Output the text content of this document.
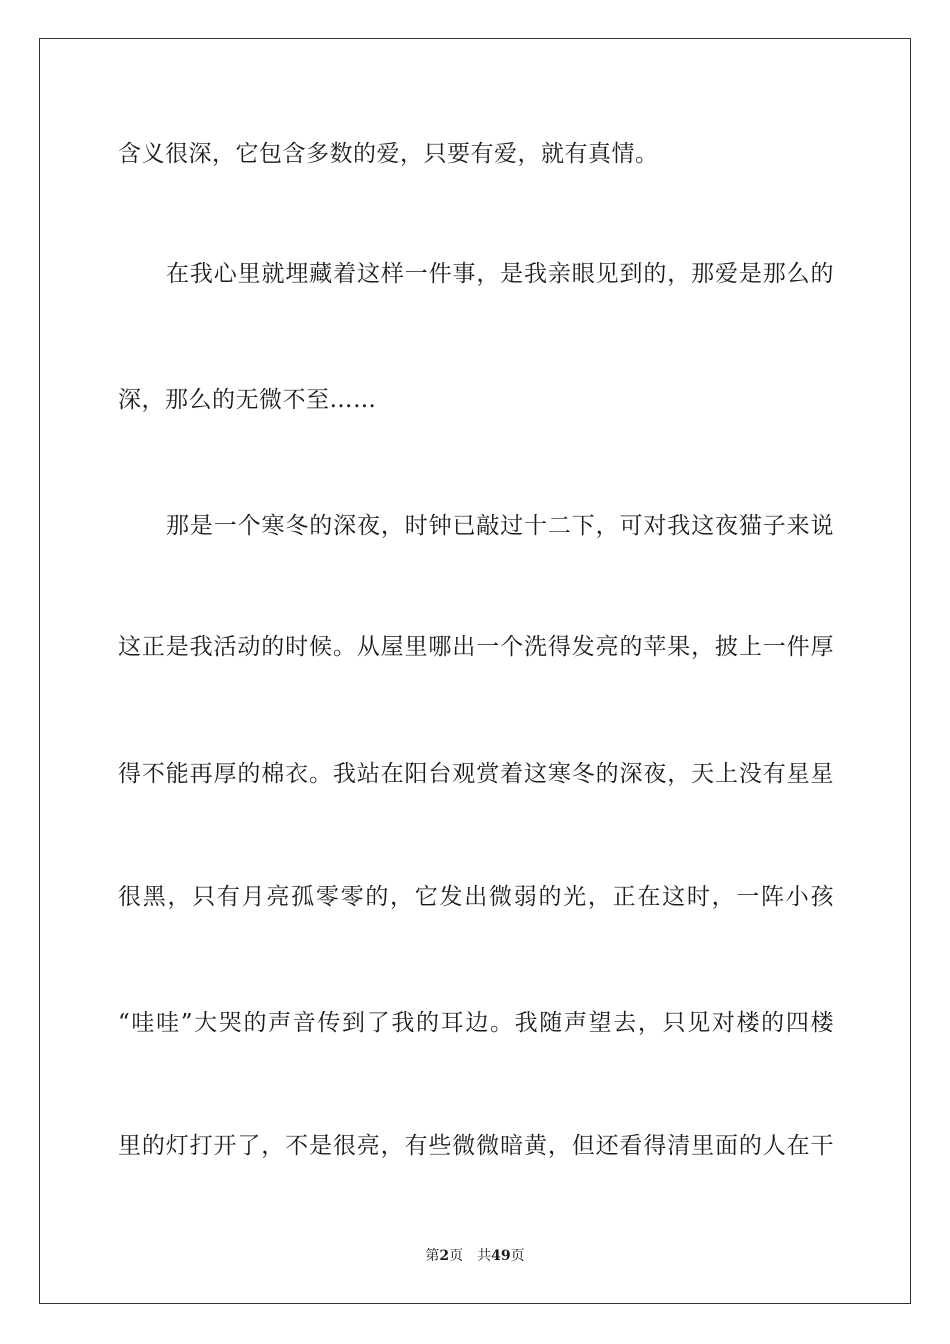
含义很深，它包含多数的爱，只要有爱，就有真情。
在我心里就埋藏着这样一件事，是我亲眼见到的，那爱是那么的
深，那么的无微不至……
那是一个寒冬的深夜，时钟已敲过十二下，可对我这夜猫子来说
这正是我活动的时候。从屋里哪出一个洗得发亮的苹果，披上一件厚
得不能再厚的棉衣。我站在阳台观赏着这寒冬的深夜，天上没有星星
很黑，只有月亮孤零零的，它发出微弱的光，正在这时，一阵小孩
“哇哇”大哭的声音传到了我的耳边。我随声望去，只见对楼的四楼
里的灯打开了，不是很亮，有些微微暗黄，但还看得清里面的人在干
第2页 共49页
